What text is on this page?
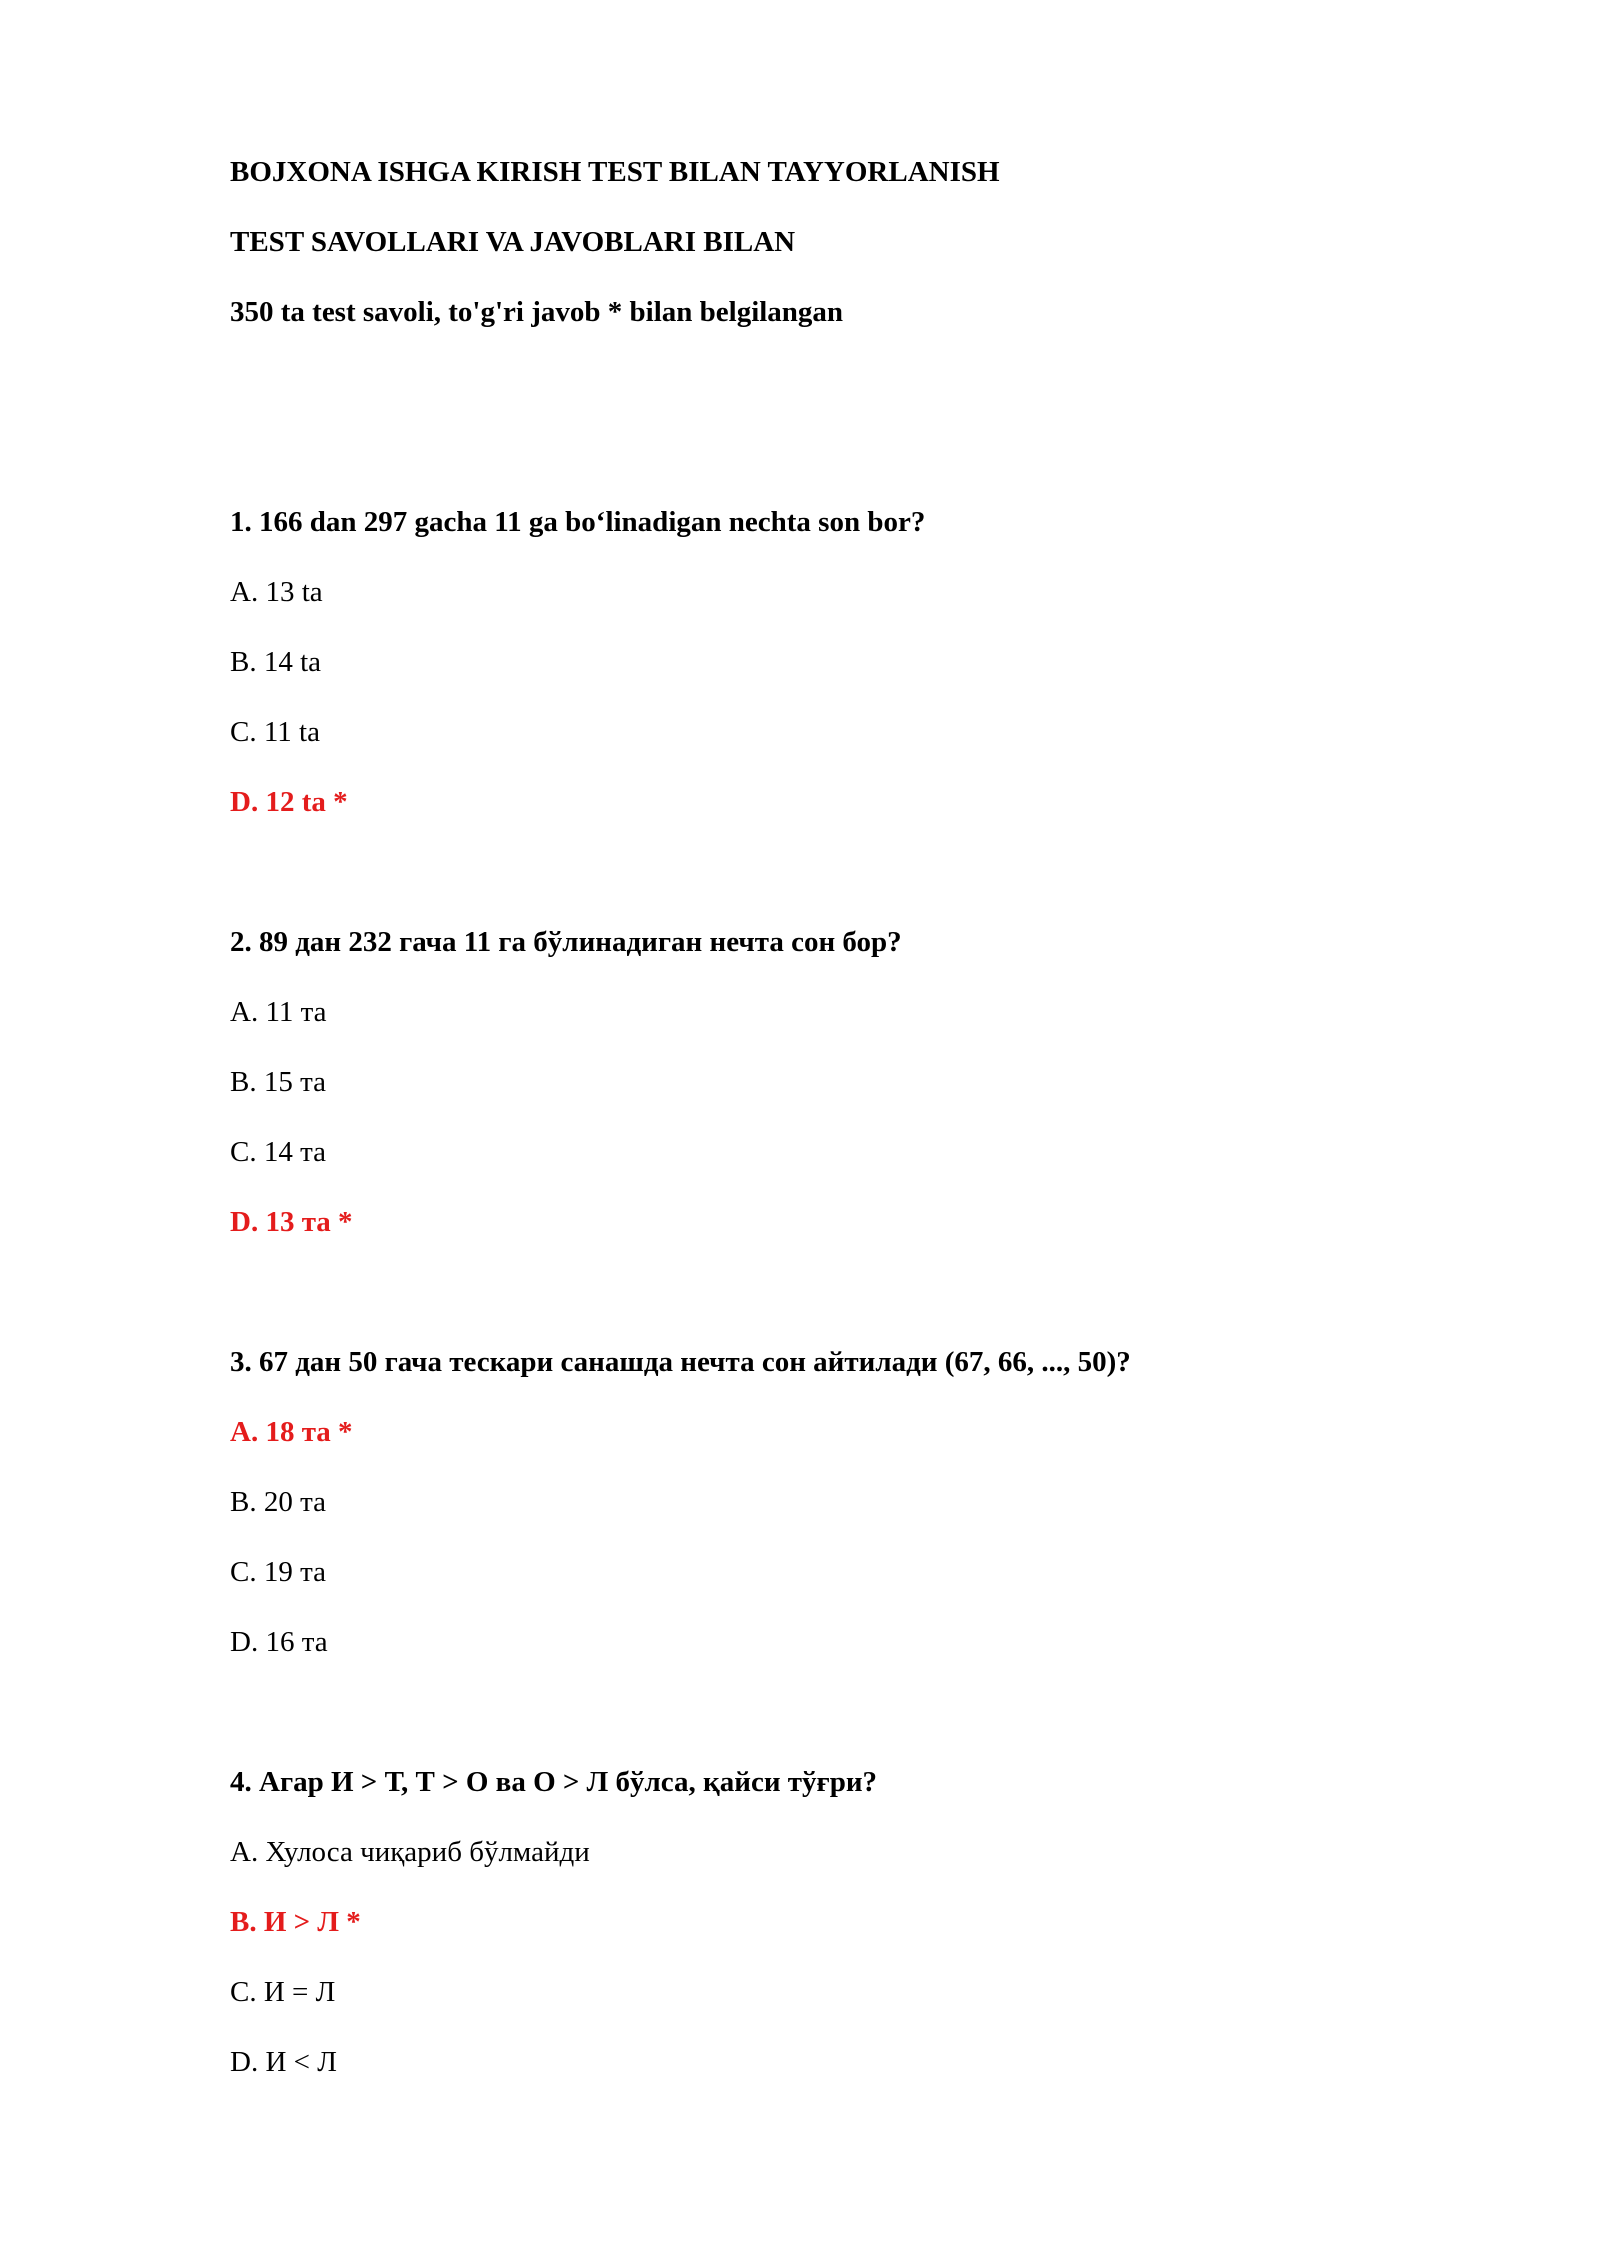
BOJXONA ISHGA KIRISH TEST BILAN TAYYORLANISH
TEST SAVOLLARI VA JAVOBLARI BILAN
350 ta test savoli, to'g'ri javob * bilan belgilangan
1. 166 dan 297 gacha 11 ga bo‘linadigan nechta son bor?
A. 13 ta
B. 14 ta
C. 11 ta
D. 12 ta *
2. 89 дан 232 гача 11 га бўлинадиган нечта сон бор?
A. 11 та
B. 15 та
C. 14 та
D. 13 та *
3. 67 дан 50 гача тескари санашда нечта сон айтилади (67, 66, ..., 50)?
A. 18 та *
B. 20 та
C. 19 та
D. 16 та
4. Агар И > Т, Т > О ва О > Л бўлса, қайси тўғри?
A. Хулоса чиқариб бўлмайди
B. И > Л *
C. И = Л
D. И < Л
